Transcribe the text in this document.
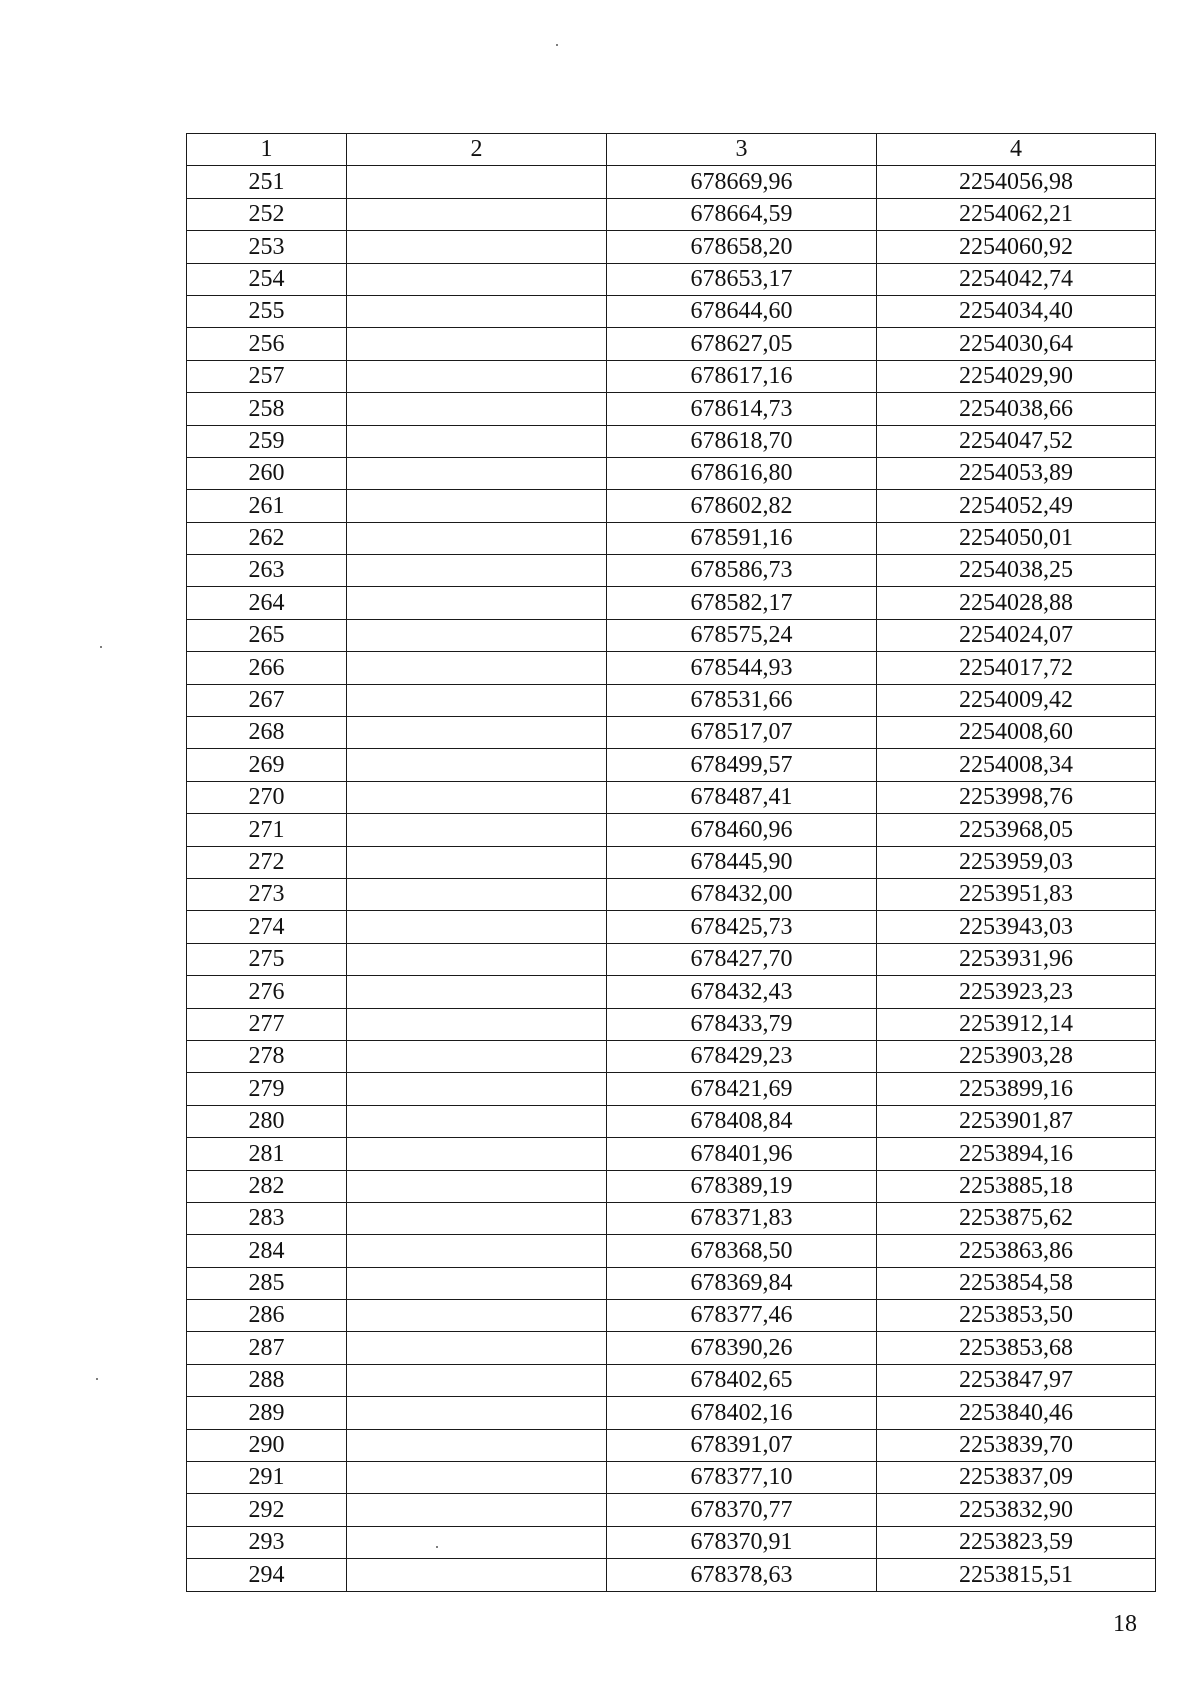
1	2	3	4
251		678669,96	2254056,98
252		678664,59	2254062,21
253		678658,20	2254060,92
254		678653,17	2254042,74
255		678644,60	2254034,40
256		678627,05	2254030,64
257		678617,16	2254029,90
258		678614,73	2254038,66
259		678618,70	2254047,52
260		678616,80	2254053,89
261		678602,82	2254052,49
262		678591,16	2254050,01
263		678586,73	2254038,25
264		678582,17	2254028,88
265		678575,24	2254024,07
266		678544,93	2254017,72
267		678531,66	2254009,42
268		678517,07	2254008,60
269		678499,57	2254008,34
270		678487,41	2253998,76
271		678460,96	2253968,05
272		678445,90	2253959,03
273		678432,00	2253951,83
274		678425,73	2253943,03
275		678427,70	2253931,96
276		678432,43	2253923,23
277		678433,79	2253912,14
278		678429,23	2253903,28
279		678421,69	2253899,16
280		678408,84	2253901,87
281		678401,96	2253894,16
282		678389,19	2253885,18
283		678371,83	2253875,62
284		678368,50	2253863,86
285		678369,84	2253854,58
286		678377,46	2253853,50
287		678390,26	2253853,68
288		678402,65	2253847,97
289		678402,16	2253840,46
290		678391,07	2253839,70
291		678377,10	2253837,09
292		678370,77	2253832,90
293		678370,91	2253823,59
294		678378,63	2253815,51
18
